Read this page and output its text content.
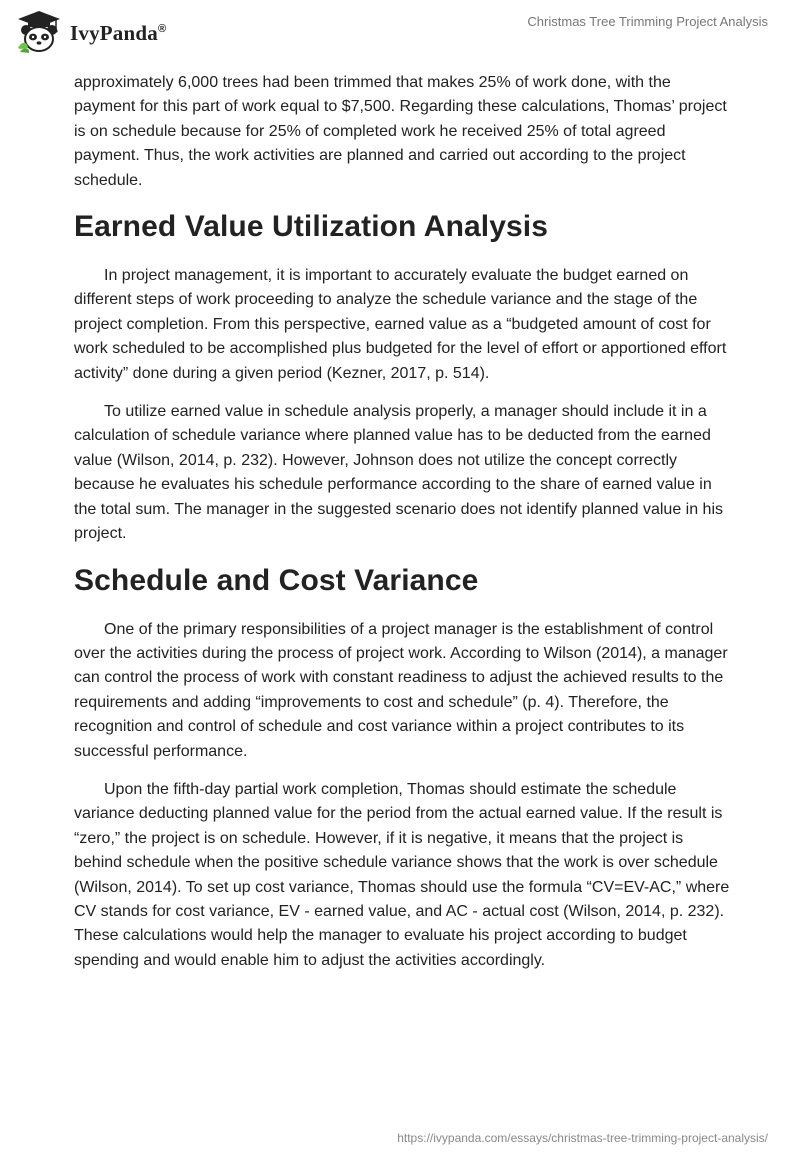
IvyPanda®	Christmas Tree Trimming Project Analysis

approximately 6,000 trees had been trimmed that makes 25% of work done, with the payment for this part of work equal to $7,500. Regarding these calculations, Thomas’ project is on schedule because for 25% of completed work he received 25% of total agreed payment. Thus, the work activities are planned and carried out according to the project schedule.

Earned Value Utilization Analysis

In project management, it is important to accurately evaluate the budget earned on different steps of work proceeding to analyze the schedule variance and the stage of the project completion. From this perspective, earned value as a “budgeted amount of cost for work scheduled to be accomplished plus budgeted for the level of effort or apportioned effort activity” done during a given period (Kezner, 2017, p. 514).

To utilize earned value in schedule analysis properly, a manager should include it in a calculation of schedule variance where planned value has to be deducted from the earned value (Wilson, 2014, p. 232). However, Johnson does not utilize the concept correctly because he evaluates his schedule performance according to the share of earned value in the total sum. The manager in the suggested scenario does not identify planned value in his project.

Schedule and Cost Variance

One of the primary responsibilities of a project manager is the establishment of control over the activities during the process of project work. According to Wilson (2014), a manager can control the process of work with constant readiness to adjust the achieved results to the requirements and adding “improvements to cost and schedule” (p. 4). Therefore, the recognition and control of schedule and cost variance within a project contributes to its successful performance.

Upon the fifth-day partial work completion, Thomas should estimate the schedule variance deducting planned value for the period from the actual earned value. If the result is “zero,” the project is on schedule. However, if it is negative, it means that the project is behind schedule when the positive schedule variance shows that the work is over schedule (Wilson, 2014). To set up cost variance, Thomas should use the formula “CV=EV-AC,” where CV stands for cost variance, EV - earned value, and AC - actual cost (Wilson, 2014, p. 232). These calculations would help the manager to evaluate his project according to budget spending and would enable him to adjust the activities accordingly.

https://ivypanda.com/essays/christmas-tree-trimming-project-analysis/
